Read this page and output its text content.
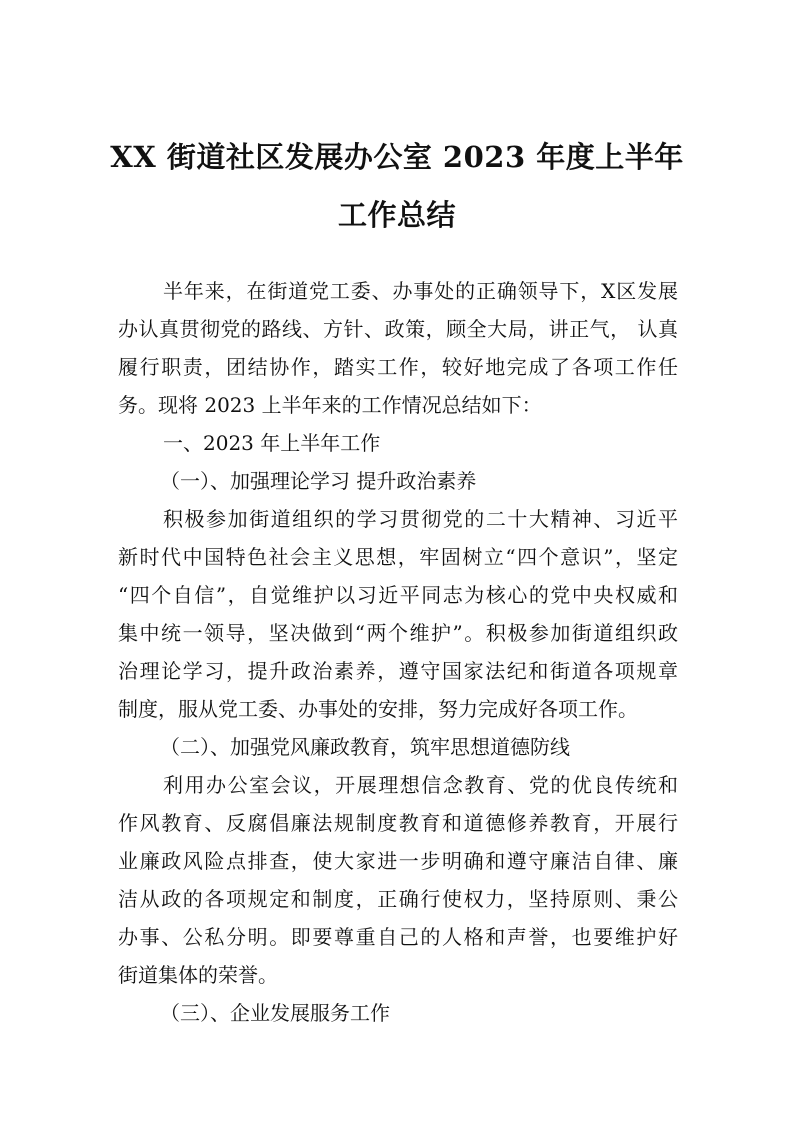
XX 街道社区发展办公室 2023 年度上半年
工作总结
半年来，在街道党工委、办事处的正确领导下，X区发展
办认真贯彻党的路线、方针、政策，顾全大局，讲正气， 认真
履行职责，团结协作，踏实工作，较好地完成了各项工作任
务。现将 2023 上半年来的工作情况总结如下：
一、2023 年上半年工作
（一）、加强理论学习 提升政治素养
积极参加街道组织的学习贯彻党的二十大精神、习近平
新时代中国特色社会主义思想，牢固树立“四个意识”，坚定
“四个自信”，自觉维护以习近平同志为核心的党中央权威和
集中统一领导，坚决做到“两个维护”。积极参加街道组织政
治理论学习，提升政治素养，遵守国家法纪和街道各项规章
制度，服从党工委、办事处的安排，努力完成好各项工作。
（二）、加强党风廉政教育，筑牢思想道德防线
利用办公室会议，开展理想信念教育、党的优良传统和
作风教育、反腐倡廉法规制度教育和道德修养教育，开展行
业廉政风险点排查，使大家进一步明确和遵守廉洁自律、廉
洁从政的各项规定和制度，正确行使权力，坚持原则、秉公
办事、公私分明。即要尊重自己的人格和声誉，也要维护好
街道集体的荣誉。
（三）、企业发展服务工作
